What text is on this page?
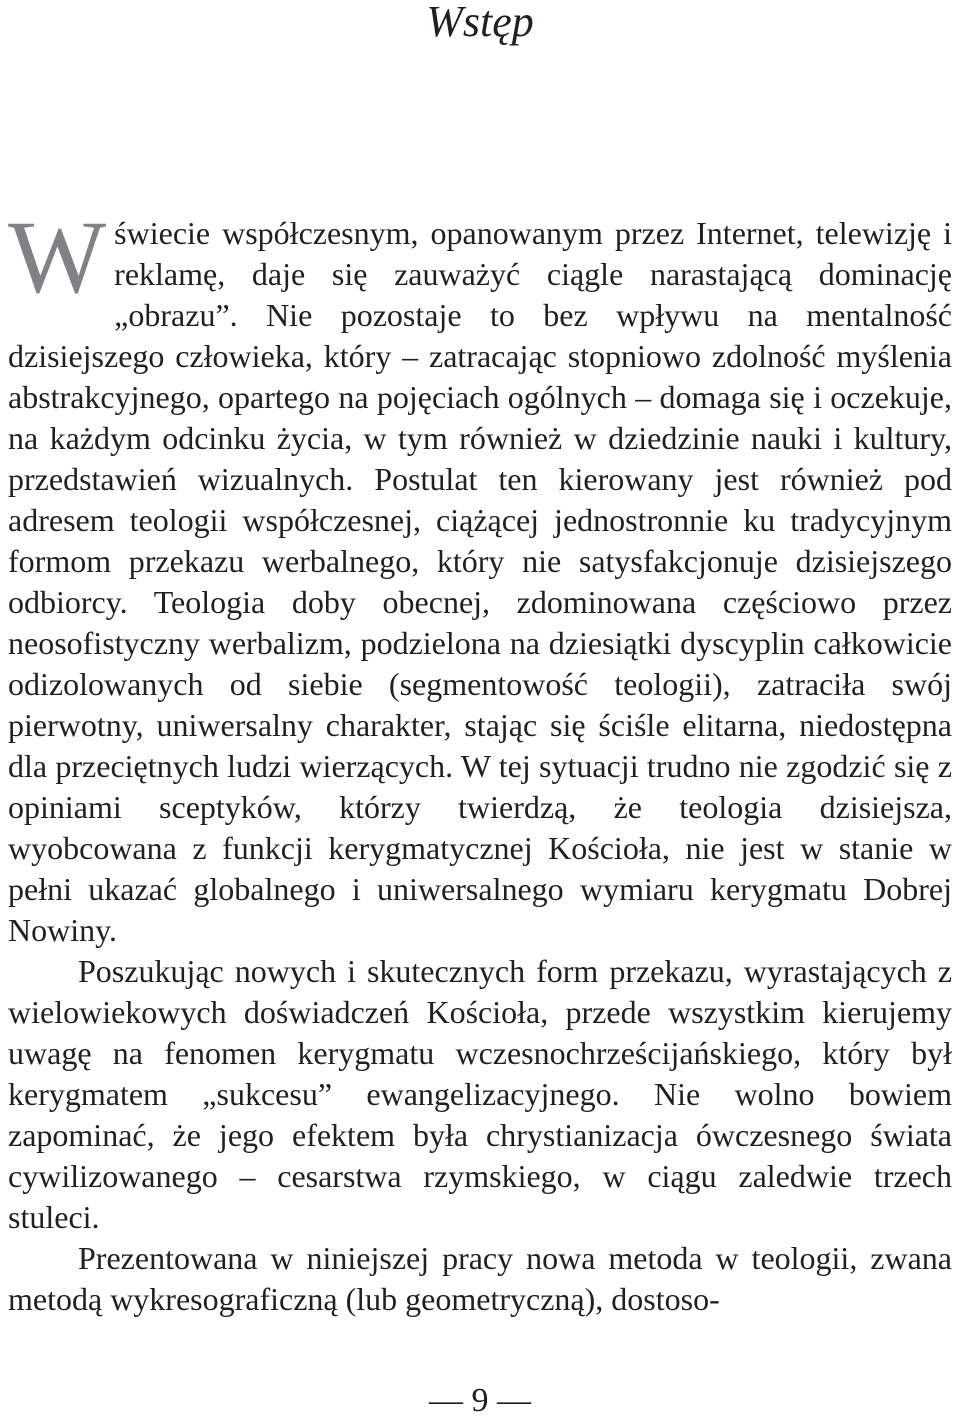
Wstęp

Wświecie współczesnym, opanowanym przez Internet, telewizję i reklamę, daje się zauważyć ciągle narastającą dominację „obrazu”. Nie pozostaje to bez wpływu na mentalność dzisiejszego człowieka, który – zatracając stopniowo zdolność myślenia abstrakcyjnego, opartego na pojęciach ogólnych – domaga się i oczekuje, na każdym odcinku życia, w tym również w dziedzinie nauki i kultury, przedstawień wizualnych. Postulat ten kierowany jest również pod adresem teologii współczesnej, ciążącej jednostronnie ku tradycyjnym formom przekazu werbalnego, który nie satysfakcjonuje dzisiejszego odbiorcy. Teologia doby obecnej, zdominowana częściowo przez neosofistyczny werbalizm, podzielona na dziesiątki dyscyplin całkowicie odizolowanych od siebie (segmentowość teologii), zatraciła swój pierwotny, uniwersalny charakter, stając się ściśle elitarna, niedostępna dla przeciętnych ludzi wierzących. W tej sytuacji trudno nie zgodzić się z opiniami sceptyków, którzy twierdzą, że teologia dzisiejsza, wyobcowana z funkcji kerygmatycznej Kościoła, nie jest w stanie w pełni ukazać globalnego i uniwersalnego wymiaru kerygmatu Dobrej Nowiny.

Poszukując nowych i skutecznych form przekazu, wyrastających z wielowiekowych doświadczeń Kościoła, przede wszystkim kierujemy uwagę na fenomen kerygmatu wczesnochrześcijańskiego, który był kerygmatem „sukcesu” ewangelizacyjnego. Nie wolno bowiem zapominać, że jego efektem była chrystianizacja ówczesnego świata cywilizowanego – cesarstwa rzymskiego, w ciągu zaledwie trzech stuleci.

Prezentowana w niniejszej pracy nowa metoda w teologii, zwana metodą wykresograficzną (lub geometryczną), dostoso-

— 9 —
